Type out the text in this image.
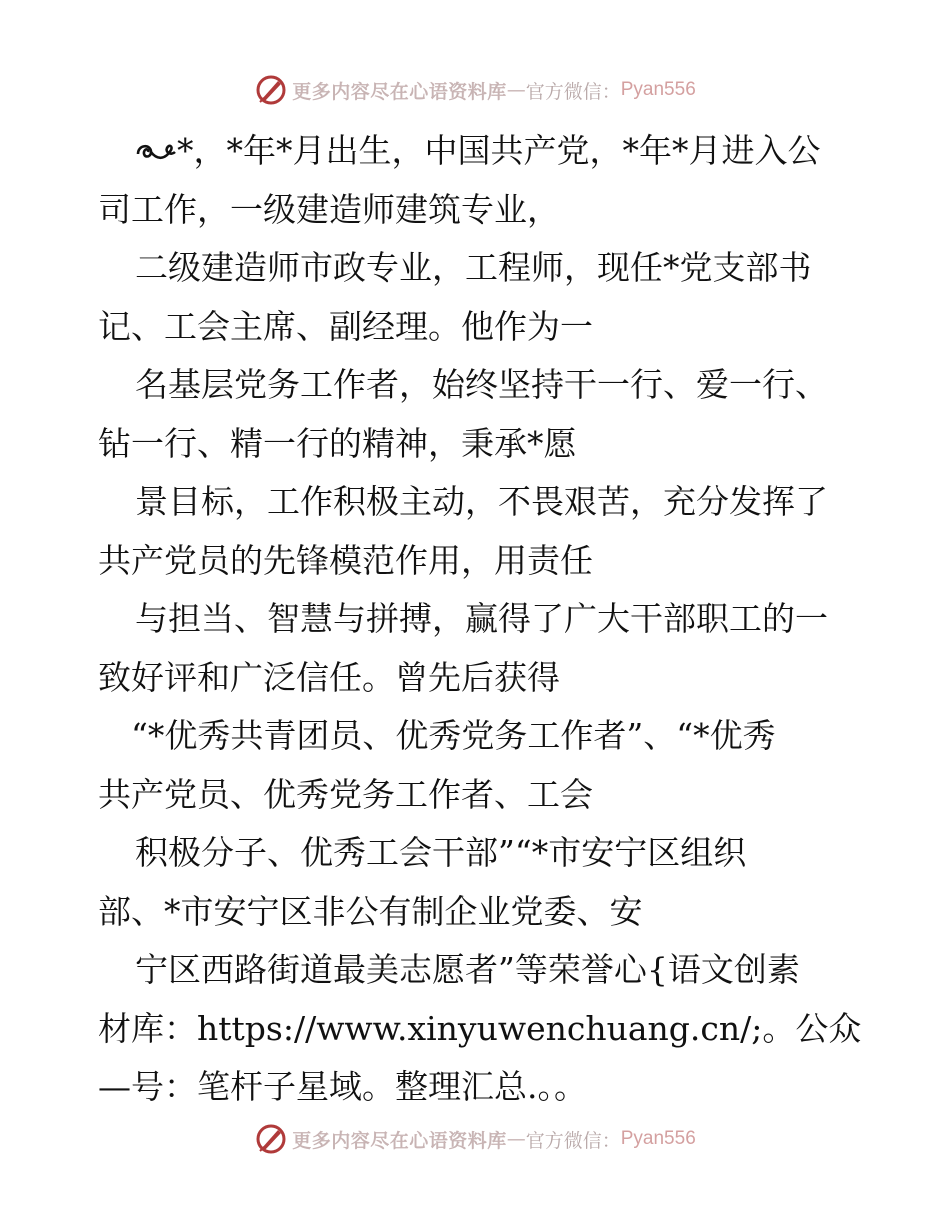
更多内容尽在心语资料库 — 官方微信： Pyan556
*，*年*月出生，中国共产党，*年*月进入公
司工作，一级建造师建筑专业，
二级建造师市政专业，工程师，现任*党支部书
记、工会主席、副经理。他作为一
名基层党务工作者，始终坚持干一行、爱一行、
钻一行、精一行的精神，秉承*愿
景目标，工作积极主动，不畏艰苦，充分发挥了
共产党员的先锋模范作用，用责任
与担当、智慧与拼搏，赢得了广大干部职工的一
致好评和广泛信任。曾先后获得
“*优秀共青团员、优秀党务工作者”、“*优秀
共产党员、优秀党务工作者、工会
积极分子、优秀工会干部”“*市安宁区组织
部、*市安宁区非公有制企业党委、安
宁区西路街道最美志愿者”等荣誉心{语文创素
材库：https://www.xinyuwenchuang.cn/;。公众
—号：笔杆子星域。整理汇总.。。
更多内容尽在心语资料库 — 官方微信： Pyan556
